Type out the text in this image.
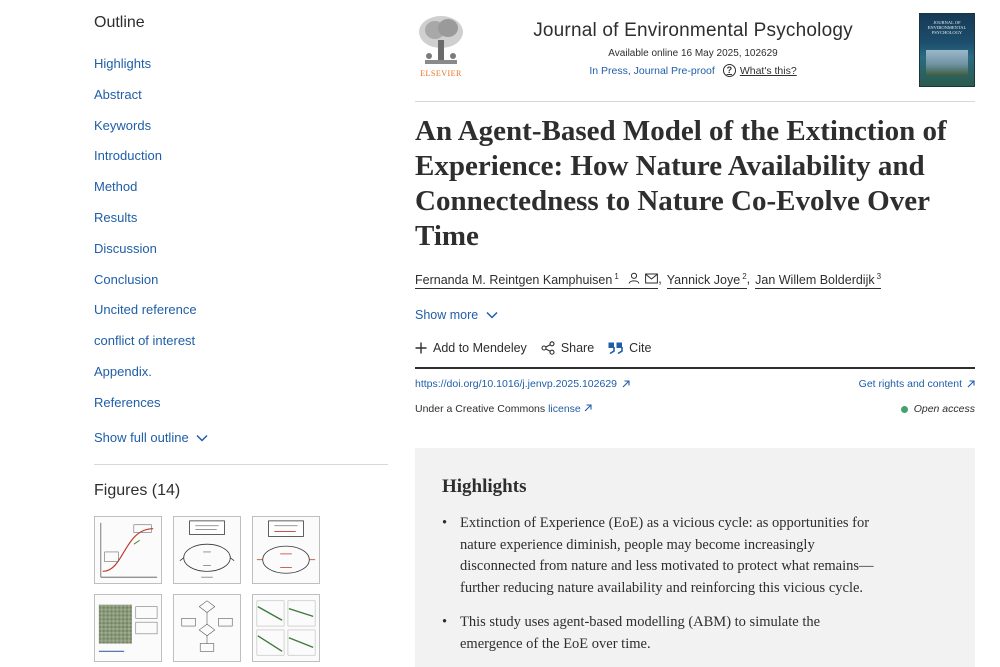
Outline
Highlights
Abstract
Keywords
Introduction
Method
Results
Discussion
Conclusion
Uncited reference
conflict of interest
Appendix.
References
Show full outline
Figures (14)
ELSEVIER
Journal of Environmental Psychology
Available online 16 May 2025, 102629
In Press, Journal Pre-proof	? What's this?
JOURNAL OF ENVIRONMENTAL PSYCHOLOGY
An Agent-Based Model of the Extinction of Experience: How Nature Availability and Connectedness to Nature Co-Evolve Over Time
Fernanda M. Reintgen Kamphuisen $^1$	, Yannick Joye $^2$ , Jan Willem Bolderdijk $^3$
Show more
Add to Mendeley	Share	Cite
https://doi.org/10.1016/j.jenvp.2025.102629	Get rights and content
Under a Creative Commons license	Open access
Highlights
• Extinction of Experience (EoE) as a vicious cycle: as opportunities for nature experience diminish, people may become increasingly disconnected from nature and less motivated to protect what remains—further reducing nature availability and reinforcing this vicious cycle.
• This study uses agent-based modelling (ABM) to simulate the emergence of the EoE over time.
